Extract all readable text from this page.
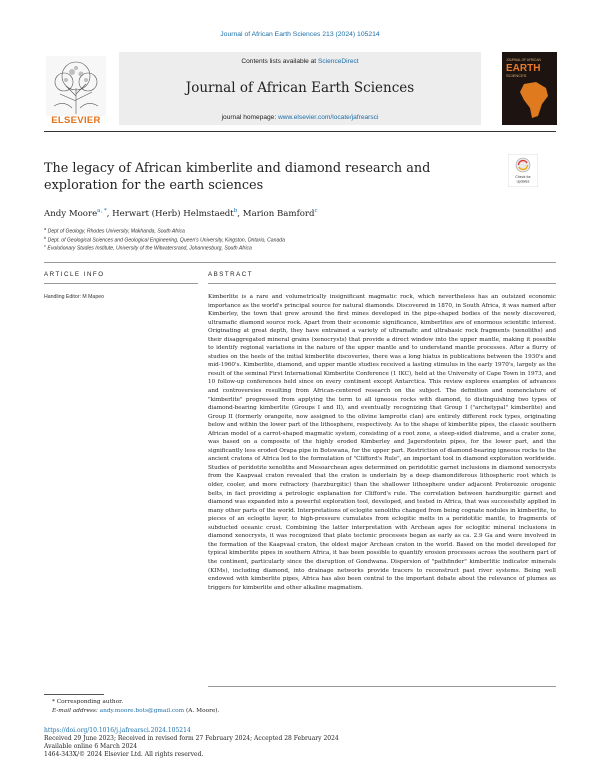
Journal of African Earth Sciences 213 (2024) 105214
Contents lists available at ScienceDirect
Journal of African Earth Sciences
journal homepage: www.elsevier.com/locate/jafrearsci
ELSEVIER
JOURNAL OF AFRICAN
EARTH
SCIENCES
The legacy of African kimberlite and diamond research and exploration for the earth sciences
Check for
updates
Andy Moore$^{a, *}$, Herwart (Herb) Helmstaedt$^b$, Marion Bamford$^c$
$^a$ Dept of Geology, Rhodes University, Makhanda, South Africa
$^b$ Dept. of Geological Sciences and Geological Engineering, Queen's University, Kingston, Ontario, Canada
$^c$ Evolutionary Studies Institute, University of the Witwatersrand, Johannesburg, South Africa
ARTICLE INFO	ABSTRACT
Handling Editor: M Mapeo	Kimberlite is a rare and volumetrically insignificant magmatic rock, which nevertheless has an outsized economic importance as the world's principal source for natural diamonds. Discovered in 1870, in South Africa, it was named after Kimberley, the town that grew around the first mines developed in the pipe-shaped bodies of the newly discovered, ultramafic diamond source rock. Apart from their economic significance, kimberlites are of enormous scientific interest. Originating at great depth, they have entrained a variety of ultramafic and ultrabasic rock fragments (xenoliths) and their disaggregated mineral grains (xenocrysts) that provide a direct window into the upper mantle, making it possible to identify regional variations in the nature of the upper mantle and to understand mantle processes. After a flurry of studies on the heels of the initial kimberlite discoveries, there was a long hiatus in publications between the 1930's and mid-1960's. Kimberlite, diamond, and upper mantle studies received a lasting stimulus in the early 1970's, largely as the result of the seminal First International Kimberlite Conference (1 IKC), held at the University of Cape Town in 1973, and 10 follow-up conferences held since on every continent except Antarctica. This review explores examples of advances and controversies resulting from African-centered research on the subject. The definition and nomenclature of "kimberlite" progressed from applying the term to all igneous rocks with diamond, to distinguishing two types of diamond-bearing kimberlite (Groups I and II), and eventually recognizing that Group I ("archetypal" kimberlite) and Group II (formerly orangeite, now assigned to the olivine lamproite clan) are entirely different rock types, originating below and within the lower part of the lithosphere, respectively. As to the shape of kimberlite pipes, the classic southern African model of a carrot-shaped magmatic system, consisting of a root zone, a steep-sided diatreme, and a crater zone, was based on a composite of the highly eroded Kimberley and Jagersfontein pipes, for the lower part, and the significantly less eroded Orapa pipe in Botswana, for the upper part. Restriction of diamond-bearing igneous rocks to the ancient cratons of Africa led to the formulation of "Clifford's Rule", an important tool in diamond exploration worldwide. Studies of peridotite xenoliths and Mesoarchean ages determined on peridotitic garnet inclusions in diamond xenocrysts from the Kaapvaal craton revealed that the craton is underlain by a deep diamondiferous lithospheric root which is older, cooler, and more refractory (harzburgitic) than the shallower lithosphere under adjacent Proterozoic orogenic belts, in fact providing a petrologic explanation for Clifford's rule. The correlation between harzburgitic garnet and diamond was expanded into a powerful exploration tool, developed, and tested in Africa, that was successfully applied in many other parts of the world. Interpretations of eclogite xenoliths changed from being cognate nodules in kimberlite, to pieces of an eclogite layer, to high-pressure cumulates from eclogitic melts in a peridotitic mantle, to fragments of subducted oceanic crust. Combining the latter interpretation with Archean ages for eclogitic mineral inclusions in diamond xenocrysts, it was recognized that plate tectonic processes began as early as ca. 2.9 Ga and were involved in the formation of the Kaapvaal craton, the oldest major Archean craton in the world. Based on the model developed for typical kimberlite pipes in southern Africa, it has been possible to quantify erosion processes across the southern part of the continent, particularly since the disruption of Gondwana. Dispersion of "pathfinder" kimberlitic indicator minerals (KIMs), including diamond, into drainage networks provide tracers to reconstruct past river systems. Being well endowed with kimberlite pipes, Africa has also been central to the important debate about the relevance of plumes as triggers for kimberlite and other alkaline magmatism.

* Corresponding author.
E-mail address: andy.moore.bots@gmail.com (A. Moore).
https://doi.org/10.1016/j.jafrearsci.2024.105214
Received 29 June 2023; Received in revised form 27 February 2024; Accepted 28 February 2024
Available online 6 March 2024
1464-343X/© 2024 Elsevier Ltd. All rights reserved.
